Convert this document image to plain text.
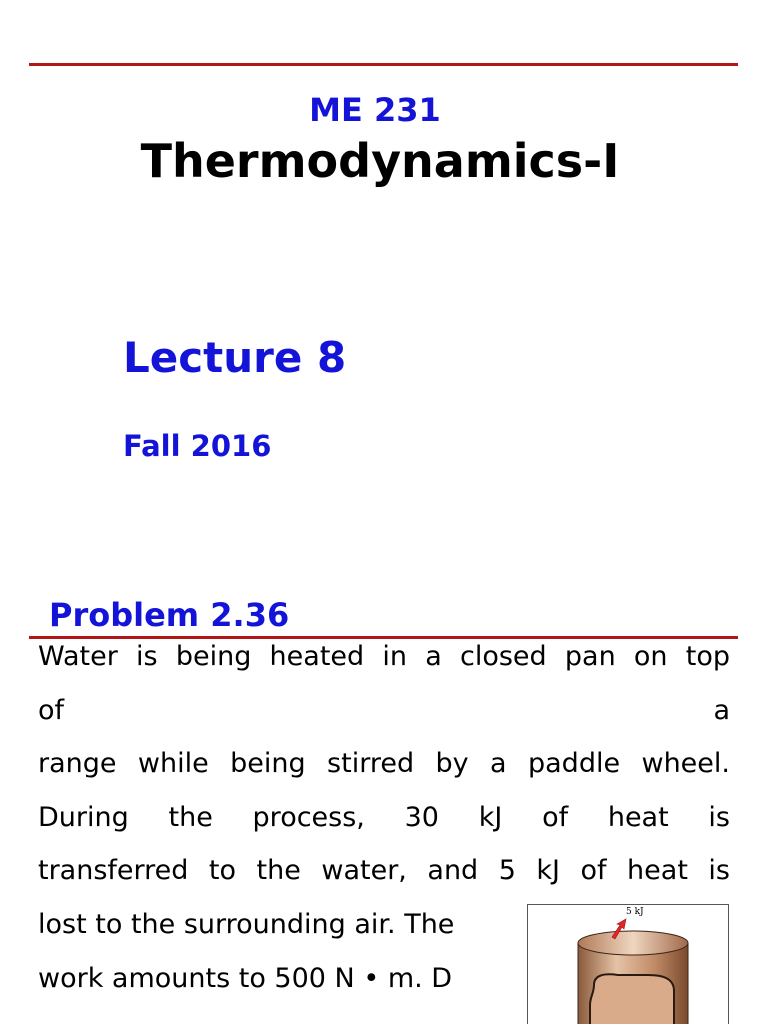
ME 231
Thermodynamics-I
Lecture 8
Fall 2016
Problem 2.36
Water is being heated in a closed pan on top
of	a
range while being stirred by a paddle wheel.
During the process, 30 kJ of heat is
transferred to the water, and 5 kJ of heat is
lost to the surrounding air. The
work amounts to 500 N • m. D
5 kJ
